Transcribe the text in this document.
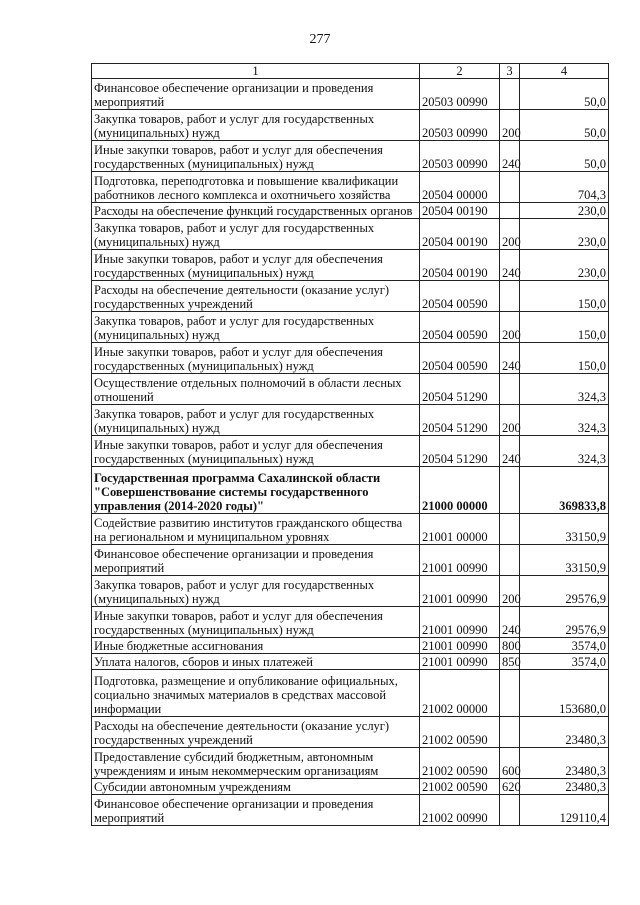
277
1	2	3	4
Финансовое обеспечение организации и проведения мероприятий	20503 00990		50,0
Закупка товаров, работ и услуг для государственных (муниципальных) нужд	20503 00990	200	50,0
Иные закупки товаров, работ и услуг для обеспечения государственных (муниципальных) нужд	20503 00990	240	50,0
Подготовка, переподготовка и повышение квалификации работников лесного комплекса и охотничьего хозяйства	20504 00000		704,3
Расходы на обеспечение функций государственных органов	20504 00190		230,0
Закупка товаров, работ и услуг для государственных (муниципальных) нужд	20504 00190	200	230,0
Иные закупки товаров, работ и услуг для обеспечения государственных (муниципальных) нужд	20504 00190	240	230,0
Расходы на обеспечение деятельности (оказание услуг) государственных учреждений	20504 00590		150,0
Закупка товаров, работ и услуг для государственных (муниципальных) нужд	20504 00590	200	150,0
Иные закупки товаров, работ и услуг для обеспечения государственных (муниципальных) нужд	20504 00590	240	150,0
Осуществление отдельных полномочий в области лесных отношений	20504 51290		324,3
Закупка товаров, работ и услуг для государственных (муниципальных) нужд	20504 51290	200	324,3
Иные закупки товаров, работ и услуг для обеспечения государственных (муниципальных) нужд	20504 51290	240	324,3
Государственная программа Сахалинской области "Совершенствование системы государственного управления (2014-2020 годы)"	21000 00000		369833,8
Содействие развитию институтов гражданского общества на региональном и муниципальном уровнях	21001 00000		33150,9
Финансовое обеспечение организации и проведения мероприятий	21001 00990		33150,9
Закупка товаров, работ и услуг для государственных (муниципальных) нужд	21001 00990	200	29576,9
Иные закупки товаров, работ и услуг для обеспечения государственных (муниципальных) нужд	21001 00990	240	29576,9
Иные бюджетные ассигнования	21001 00990	800	3574,0
Уплата налогов, сборов и иных платежей	21001 00990	850	3574,0
Подготовка, размещение и опубликование официальных, социально значимых материалов в средствах массовой информации	21002 00000		153680,0
Расходы на обеспечение деятельности (оказание услуг) государственных учреждений	21002 00590		23480,3
Предоставление субсидий бюджетным, автономным учреждениям и иным некоммерческим организациям	21002 00590	600	23480,3
Субсидии автономным учреждениям	21002 00590	620	23480,3
Финансовое обеспечение организации и проведения мероприятий	21002 00990		129110,4
